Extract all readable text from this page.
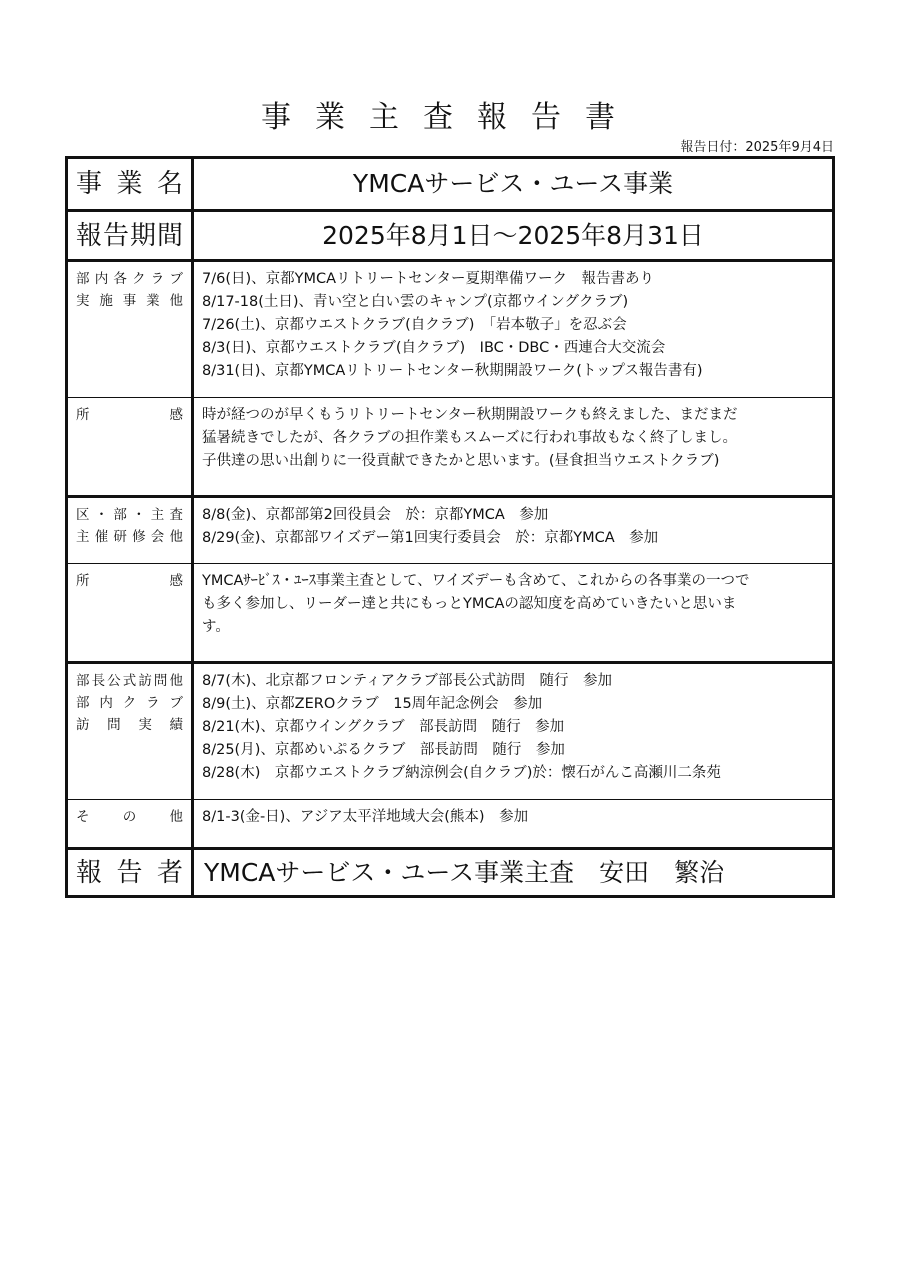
事業主査報告書
報告日付：2025年9月4日
事業名	YMCAサービス・ユース事業
報告期間	2025年8月1日～2025年8月31日
部内各クラブ
実施事業他
7/6(日)、京都YMCAリトリートセンター夏期準備ワーク　報告書あり
8/17-18(土日)、青い空と白い雲のキャンプ(京都ウイングクラブ)
7/26(土)、京都ウエストクラブ(自クラブ)　「岩本敬子」を忍ぶ会
8/3(日)、京都ウエストクラブ(自クラブ)　IBC・DBC・西連合大交流会
8/31(日)、京都YMCAリトリートセンター秋期開設ワーク(トップス報告書有)
所感 時が経つのが早くもうリトリートセンター秋期開設ワークも終えました、まだまだ
猛暑続きでしたが、各クラブの担作業もスムーズに行われ事故もなく終了しまし。
子供達の思い出創りに一役貢献できたかと思います。(昼食担当ウエストクラブ)
区・部・主査
主催研修会他
8/8(金)、京都部第2回役員会　於：京都YMCA　参加
8/29(金)、京都部ワイズデー第1回実行委員会　於：京都YMCA　参加
所感 YMCAｻｰﾋﾞｽ・ﾕｰｽ事業主査として、ワイズデーも含めて、これからの各事業の一つで
も多く参加し、リーダー達と共にもっとYMCAの認知度を高めていきたいと思いま
す。
部長公式訪問他
部内クラブ
訪問実績
8/7(木)、北京都フロンティアクラブ部長公式訪問　随行　参加
8/9(土)、京都ZEROクラブ　15周年記念例会　参加
8/21(木)、京都ウイングクラブ　部長訪問　随行　参加
8/25(月)、京都めいぷるクラブ　部長訪問　随行　参加
8/28(木)　京都ウエストクラブ納涼例会(自クラブ)於：懐石がんこ高瀬川二条苑
その他 8/1-3(金-日)、アジア太平洋地域大会(熊本)　参加
報告者 YMCAサービス・ユース事業主査　安田　繁治
